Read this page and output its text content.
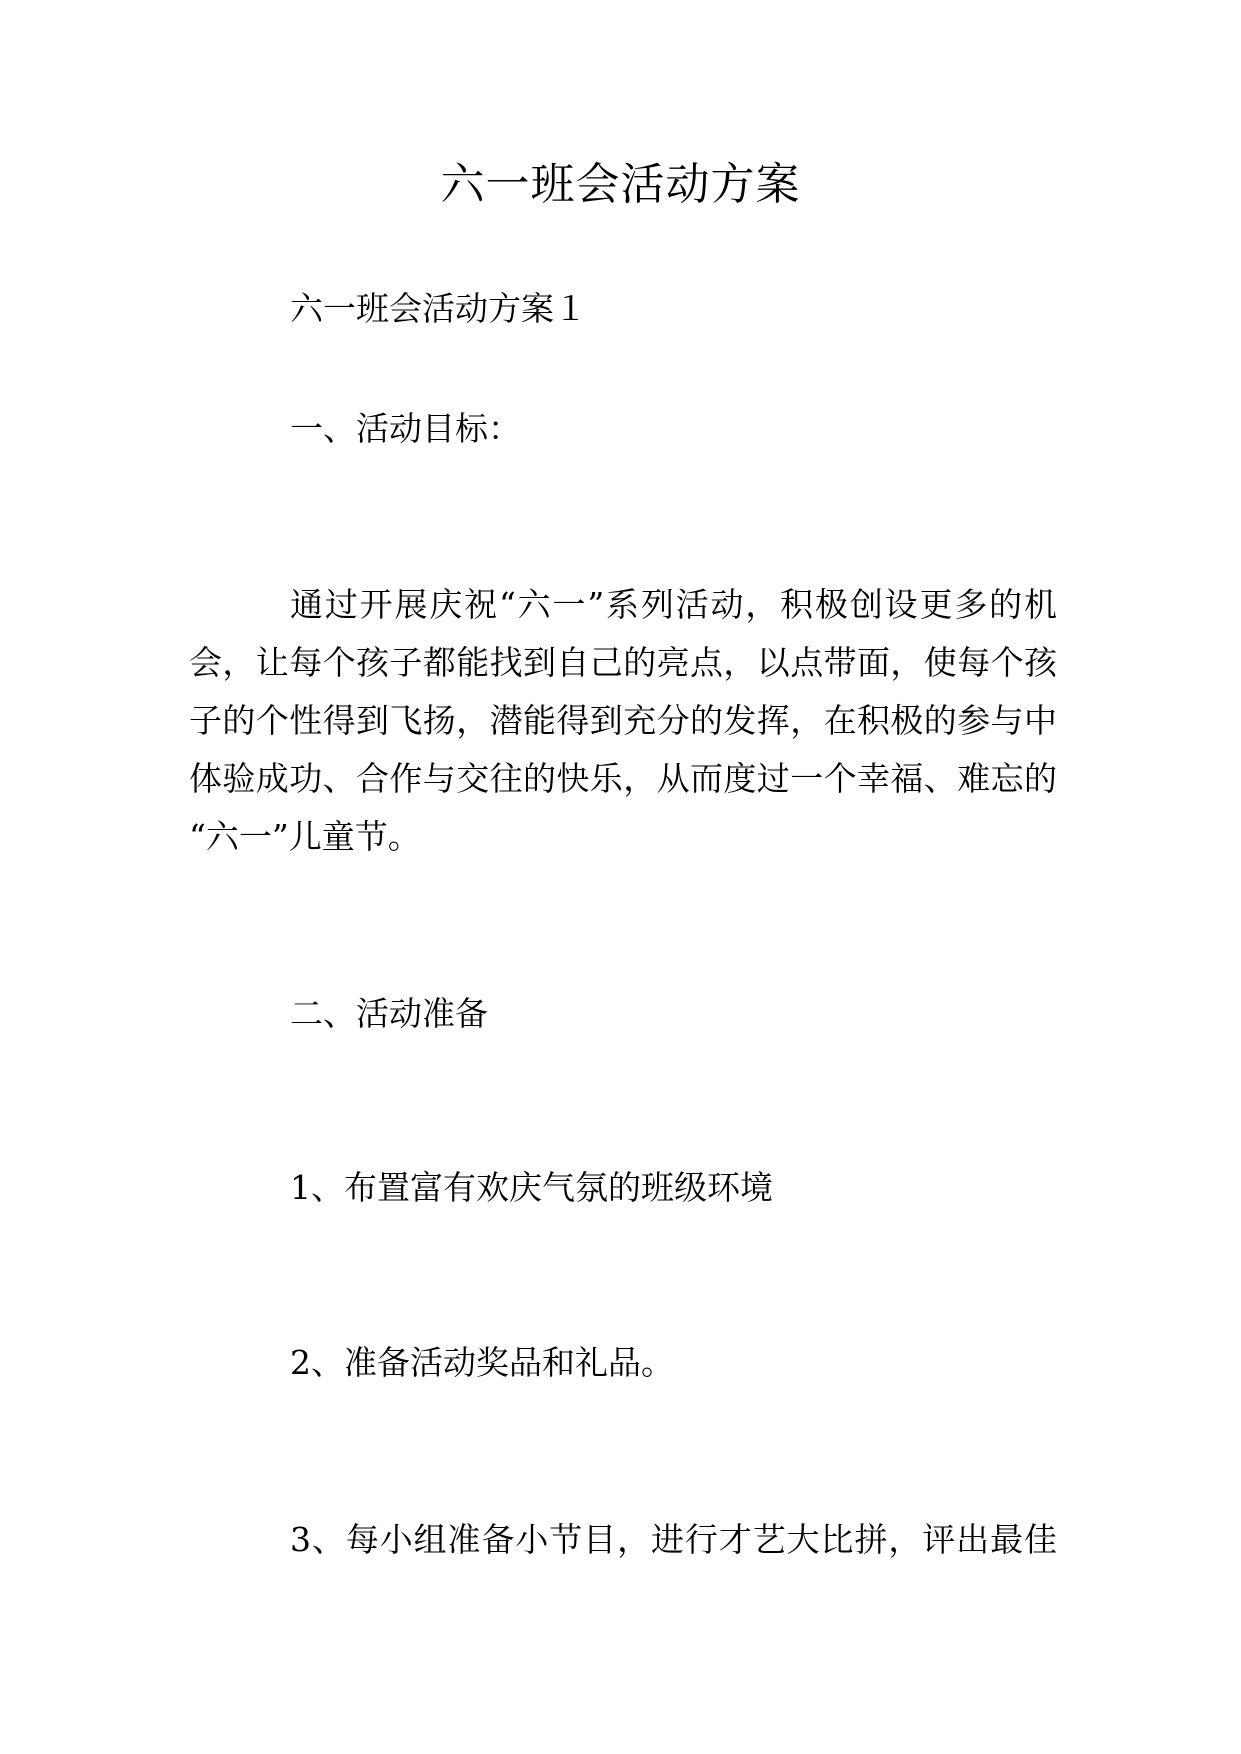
六一班会活动方案
六一班会活动方案１
一、活动目标：
通过开展庆祝“六一”系列活动，积极创设更多的机
会，让每个孩子都能找到自己的亮点，以点带面，使每个孩
子的个性得到飞扬，潜能得到充分的发挥，在积极的参与中
体验成功、合作与交往的快乐，从而度过一个幸福、难忘的
“六一”儿童节。
二、活动准备
1、布置富有欢庆气氛的班级环境
2、准备活动奖品和礼品。
3、每小组准备小节目，进行才艺大比拼，评出最佳
